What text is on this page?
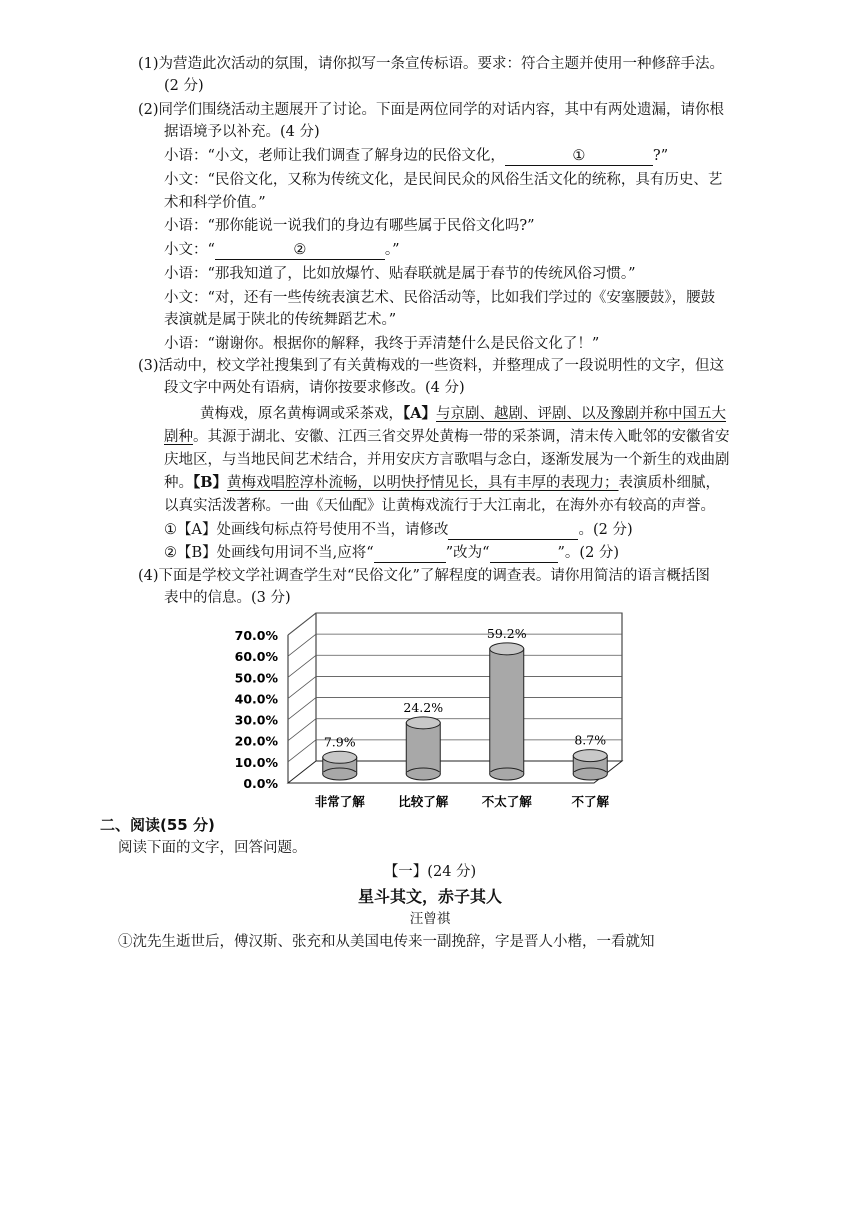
(1)为营造此次活动的氛围，请你拟写一条宣传标语。要求：符合主题并使用一种修辞手法。
(2 分)
(2)同学们围绕活动主题展开了讨论。下面是两位同学的对话内容，其中有两处遗漏，请你根
据语境予以补充。(4 分)
小语：“小文，老师让我们调查了解身边的民俗文化，	①	?”
小文：“民俗文化，又称为传统文化，是民间民众的风俗生活文化的统称，具有历史、艺
术和科学价值。”
小语：“那你能说一说我们的身边有哪些属于民俗文化吗?”
小文：“	②	。”
小语：“那我知道了，比如放爆竹、贴春联就是属于春节的传统风俗习惯。”
小文：“对，还有一些传统表演艺术、民俗活动等，比如我们学过的《安塞腰鼓》，腰鼓
表演就是属于陕北的传统舞蹈艺术。”
小语：“谢谢你。根据你的解释，我终于弄清楚什么是民俗文化了！”
(3)活动中，校文学社搜集到了有关黄梅戏的一些资料，并整理成了一段说明性的文字，但这
段文字中两处有语病，请你按要求修改。(4 分)
黄梅戏，原名黄梅调或采茶戏，【A】与京剧、越剧、评剧、以及豫剧并称中国五大
剧种。其源于湖北、安徽、江西三省交界处黄梅一带的采茶调，清末传入毗邻的安徽省安
庆地区，与当地民间艺术结合，并用安庆方言歌唱与念白，逐渐发展为一个新生的戏曲剧
种。【B】黄梅戏唱腔淳朴流畅，以明快抒情见长，具有丰厚的表现力；表演质朴细腻，
以真实活泼著称。一曲《天仙配》让黄梅戏流行于大江南北，在海外亦有较高的声誉。
①【A】处画线句标点符号使用不当，请修改	。(2 分)
②【B】处画线句用词不当,应将“	”改为“	”。(2 分)
(4)下面是学校文学社调查学生对“民俗文化”了解程度的调查表。请你用简洁的语言概括图
表中的信息。(3 分)
0.0%
10.0%
20.0%
30.0%
40.0%
50.0%
60.0%
70.0%
7.9%
24.2%
59.2%
8.7%
非常了解	比较了解	不太了解	不了解
二、阅读(55 分)
阅读下面的文字，回答问题。
【一】(24 分)
星斗其文，赤子其人
汪曾祺
①沈先生逝世后，傅汉斯、张充和从美国电传来一副挽辞，字是晋人小楷，一看就知
